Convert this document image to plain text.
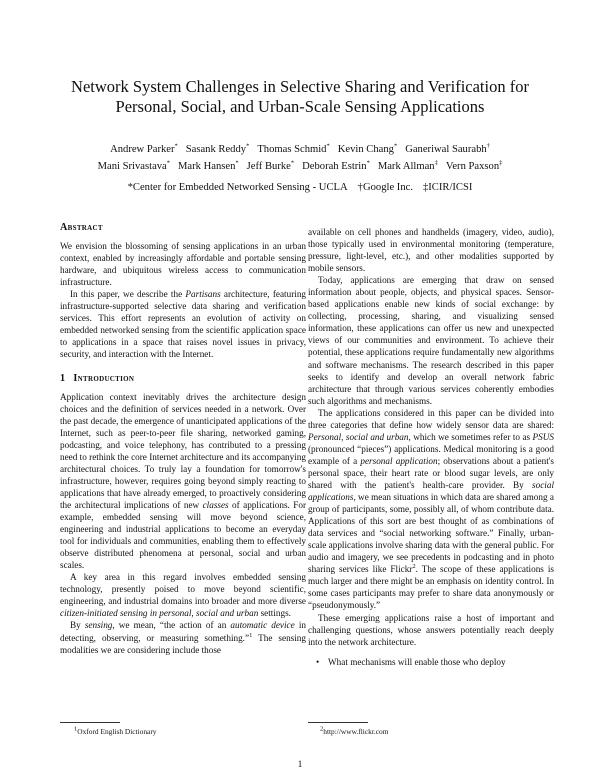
Network System Challenges in Selective Sharing and Verification for Personal, Social, and Urban-Scale Sensing Applications
Andrew Parker* Sasank Reddy* Thomas Schmid* Kevin Chang* Ganeriwal Saurabh†
Mani Srivastava* Mark Hansen* Jeff Burke* Deborah Estrin* Mark Allman‡ Vern Paxson‡
*Center for Embedded Networked Sensing - UCLA †Google Inc. ‡ICIR/ICSI
Abstract

We envision the blossoming of sensing applications in an urban context, enabled by increasingly affordable and portable sensing hardware, and ubiquitous wireless access to communication infrastructure.

In this paper, we describe the Partisans architecture, featuring infrastructure-supported selective data sharing and verification services. This effort represents an evolution of activity on embedded networked sensing from the scientific application space to applications in a space that raises novel issues in privacy, security, and interaction with the Internet.

1 Introduction

Application context inevitably drives the architecture design choices and the definition of services needed in a network. Over the past decade, the emergence of unanticipated applications of the Internet, such as peer-to-peer file sharing, networked gaming, podcasting, and voice telephony, has contributed to a pressing need to rethink the core Internet architecture and its accompanying architectural choices. To truly lay a foundation for tomorrow's infrastructure, however, requires going beyond simply reacting to applications that have already emerged, to proactively considering the architectural implications of new classes of applications. For example, embedded sensing will move beyond science, engineering and industrial applications to become an everyday tool for individuals and communities, enabling them to effectively observe distributed phenomena at personal, social and urban scales.

A key area in this regard involves embedded sensing technology, presently poised to move beyond scientific, engineering, and industrial domains into broader and more diverse citizen-initiated sensing in personal, social and urban settings.

By sensing, we mean, “the action of an automatic device in detecting, observing, or measuring something.”$^1$ The sensing modalities we are considering include those

available on cell phones and handhelds (imagery, video, audio), those typically used in environmental monitoring (temperature, pressure, light-level, etc.), and other modalities supported by mobile sensors.

Today, applications are emerging that draw on sensed information about people, objects, and physical spaces. Sensor-based applications enable new kinds of social exchange: by collecting, processing, sharing, and visualizing sensed information, these applications can offer us new and unexpected views of our communities and environment. To achieve their potential, these applications require fundamentally new algorithms and software mechanisms. The research described in this paper seeks to identify and develop an overall network fabric architecture that through various services coherently embodies such algorithms and mechanisms.

The applications considered in this paper can be divided into three categories that define how widely sensor data are shared: Personal, social and urban, which we sometimes refer to as PSUS (pronounced “pieces”) applications. Medical monitoring is a good example of a personal application; observations about a patient's personal space, their heart rate or blood sugar levels, are only shared with the patient's health-care provider. By social applications, we mean situations in which data are shared among a group of participants, some, possibly all, of whom contribute data. Applications of this sort are best thought of as combinations of data services and “social networking software.” Finally, urban-scale applications involve sharing data with the general public. For audio and imagery, we see precedents in podcasting and in photo sharing services like Flickr$^2$. The scope of these applications is much larger and there might be an emphasis on identity control. In some cases participants may prefer to share data anonymously or “pseudonymously.”

These emerging applications raise a host of important and challenging questions, whose answers potentially reach deeply into the network architecture.

• What mechanisms will enable those who deploy

$^1$Oxford English Dictionary	$^2$http://www.flickr.com
1
